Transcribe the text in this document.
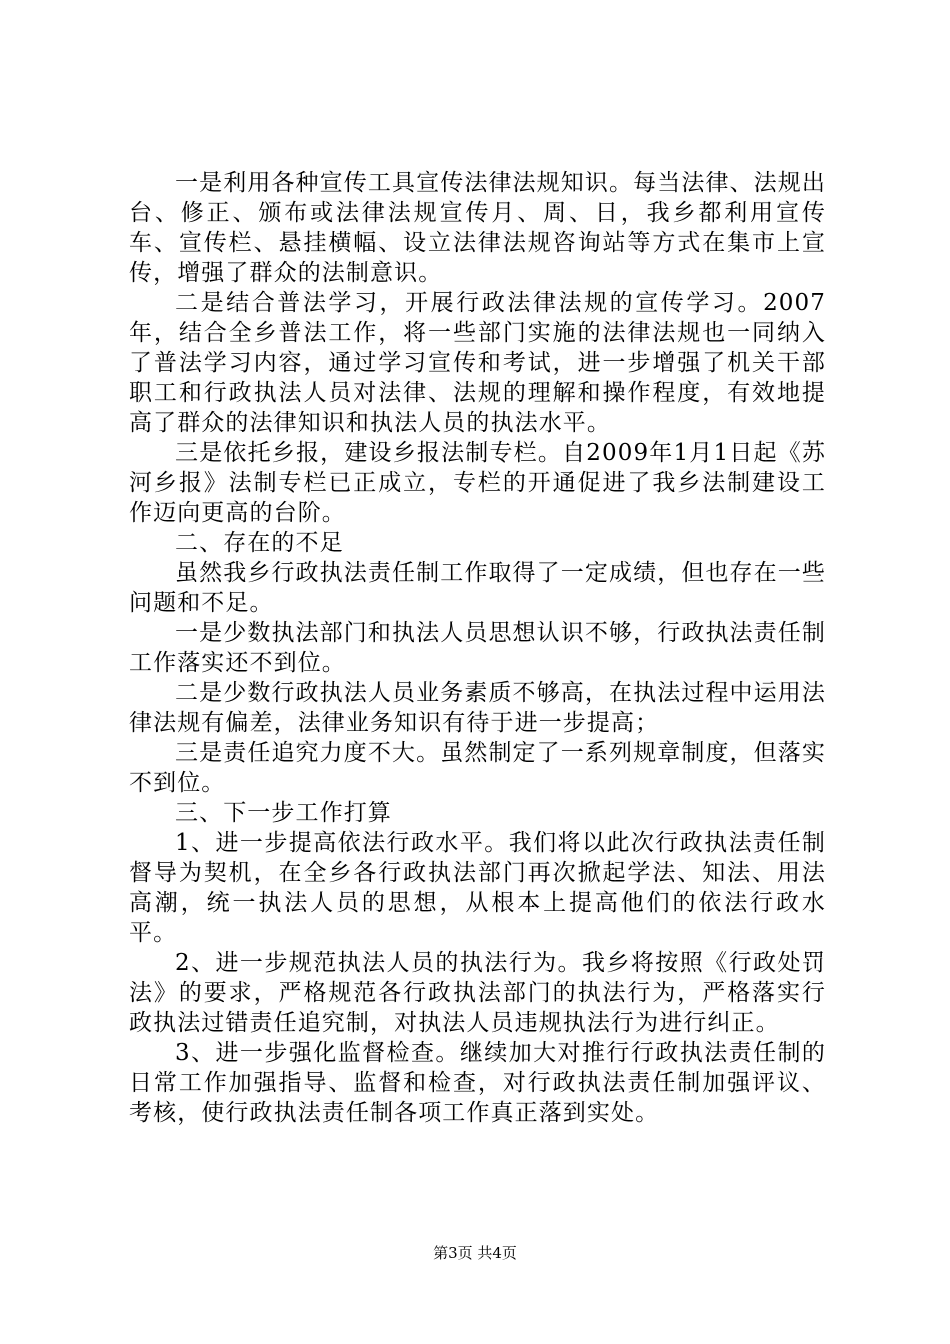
一是利用各种宣传工具宣传法律法规知识。每当法律、法规出台、修正、颁布或法律法规宣传月、周、日，我乡都利用宣传车、宣传栏、悬挂横幅、设立法律法规咨询站等方式在集市上宣传，增强了群众的法制意识。

二是结合普法学习，开展行政法律法规的宣传学习。2007年，结合全乡普法工作，将一些部门实施的法律法规也一同纳入了普法学习内容，通过学习宣传和考试，进一步增强了机关干部职工和行政执法人员对法律、法规的理解和操作程度，有效地提高了群众的法律知识和执法人员的执法水平。

三是依托乡报，建设乡报法制专栏。自2009年1月1日起《苏河乡报》法制专栏已正成立，专栏的开通促进了我乡法制建设工作迈向更高的台阶。

二、存在的不足

虽然我乡行政执法责任制工作取得了一定成绩，但也存在一些问题和不足。

一是少数执法部门和执法人员思想认识不够，行政执法责任制工作落实还不到位。

二是少数行政执法人员业务素质不够高，在执法过程中运用法律法规有偏差，法律业务知识有待于进一步提高；

三是责任追究力度不大。虽然制定了一系列规章制度，但落实不到位。

三、下一步工作打算

1、进一步提高依法行政水平。我们将以此次行政执法责任制督导为契机，在全乡各行政执法部门再次掀起学法、知法、用法高潮，统一执法人员的思想，从根本上提高他们的依法行政水平。

2、进一步规范执法人员的执法行为。我乡将按照《行政处罚法》的要求，严格规范各行政执法部门的执法行为，严格落实行政执法过错责任追究制，对执法人员违规执法行为进行纠正。

3、进一步强化监督检查。继续加大对推行行政执法责任制的日常工作加强指导、监督和检查，对行政执法责任制加强评议、考核，使行政执法责任制各项工作真正落到实处。

第3页 共4页
